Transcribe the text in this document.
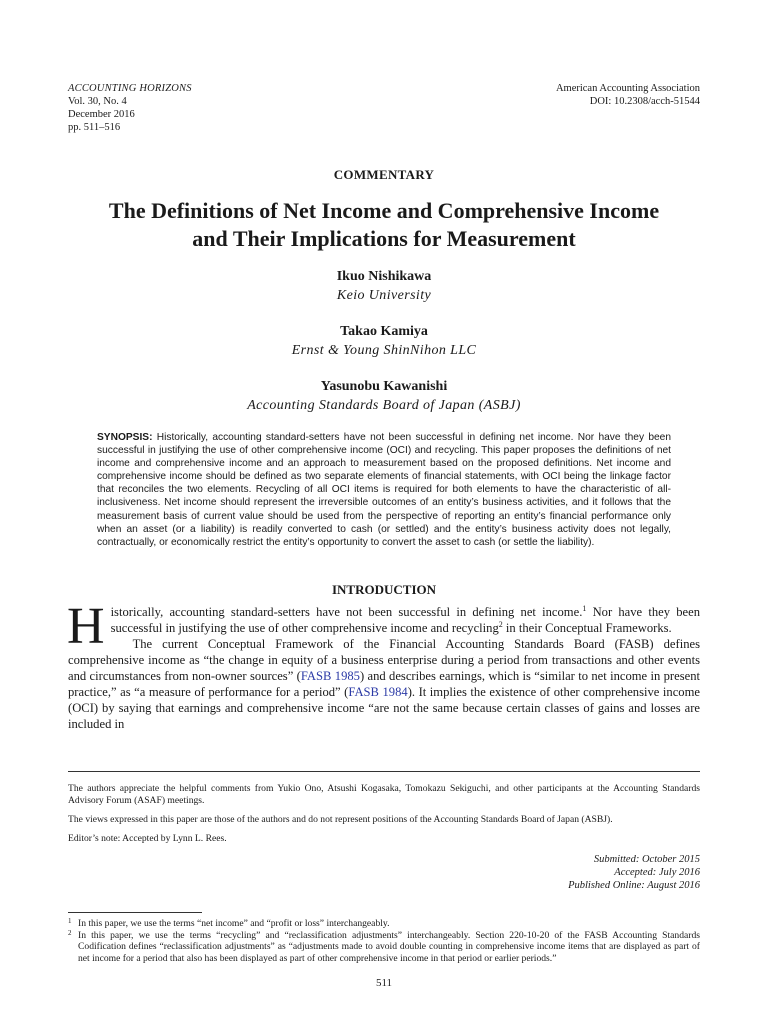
ACCOUNTING HORIZONS
Vol. 30, No. 4
December 2016
pp. 511–516
American Accounting Association
DOI: 10.2308/acch-51544
COMMENTARY
The Definitions of Net Income and Comprehensive Income
and Their Implications for Measurement
Ikuo Nishikawa
Keio University
Takao Kamiya
Ernst & Young ShinNihon LLC
Yasunobu Kawanishi
Accounting Standards Board of Japan (ASBJ)
SYNOPSIS: Historically, accounting standard-setters have not been successful in defining net income. Nor have they been successful in justifying the use of other comprehensive income (OCI) and recycling. This paper proposes the definitions of net income and comprehensive income and an approach to measurement based on the proposed definitions. Net income and comprehensive income should be defined as two separate elements of financial statements, with OCI being the linkage factor that reconciles the two elements. Recycling of all OCI items is required for both elements to have the characteristic of all-inclusiveness. Net income should represent the irreversible outcomes of an entity’s business activities, and it follows that the measurement basis of current value should be used from the perspective of reporting an entity’s financial performance only when an asset (or a liability) is readily converted to cash (or settled) and the entity’s business activity does not legally, contractually, or economically restrict the entity’s opportunity to convert the asset to cash (or settle the liability).
INTRODUCTION

H istorically, accounting standard-setters have not been successful in defining net income.$^1$ Nor have they been successful in justifying the use of other comprehensive income and recycling$^2$ in their Conceptual Frameworks.

The current Conceptual Framework of the Financial Accounting Standards Board (FASB) defines comprehensive income as “the change in equity of a business enterprise during a period from transactions and other events and circumstances from non-owner sources” (FASB 1985) and describes earnings, which is “similar to net income in present practice,” as “a measure of performance for a period” (FASB 1984). It implies the existence of other comprehensive income (OCI) by saying that earnings and comprehensive income “are not the same because certain classes of gains and losses are included in

The authors appreciate the helpful comments from Yukio Ono, Atsushi Kogasaka, Tomokazu Sekiguchi, and other participants at the Accounting Standards Advisory Forum (ASAF) meetings.

The views expressed in this paper are those of the authors and do not represent positions of the Accounting Standards Board of Japan (ASBJ).

Editor’s note: Accepted by Lynn L. Rees.

Submitted: October 2015
Accepted: July 2016
Published Online: August 2016
1 In this paper, we use the terms “net income” and “profit or loss” interchangeably.
2 In this paper, we use the terms “recycling” and “reclassification adjustments” interchangeably. Section 220-10-20 of the FASB Accounting Standards Codification defines “reclassification adjustments” as “adjustments made to avoid double counting in comprehensive income items that are displayed as part of net income for a period that also has been displayed as part of other comprehensive income in that period or earlier periods.”
511
